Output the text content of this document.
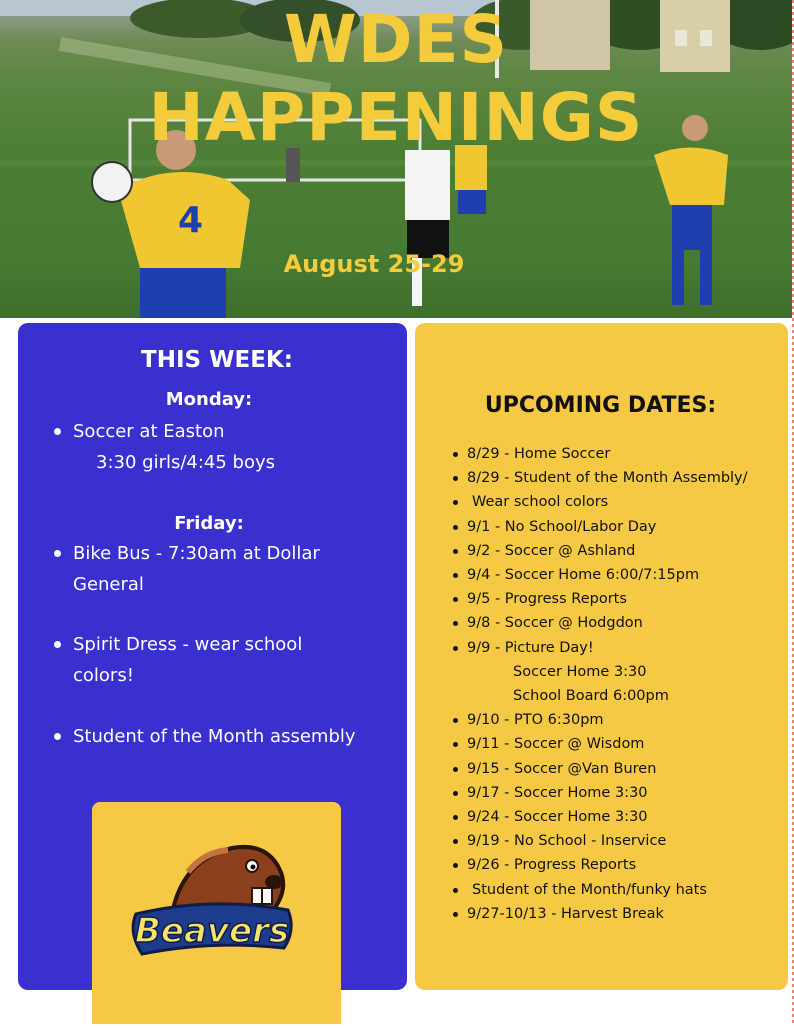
4
WDES
HAPPENINGS
August 25-29
THIS WEEK:
Monday:
Soccer at Easton
3:30 girls/4:45 boys
Friday:
Bike Bus - 7:30am at Dollar
General
Spirit Dress - wear school
colors!
Student of the Month assembly
Beavers
UPCOMING DATES:
8/29 - Home Soccer
8/29 - Student of the Month Assembly/
Wear school colors
9/1 - No School/Labor Day
9/2 - Soccer @ Ashland
9/4 - Soccer Home 6:00/7:15pm
9/5 - Progress Reports
9/8 - Soccer @ Hodgdon
9/9 - Picture Day!
Soccer Home 3:30
School Board 6:00pm
9/10 - PTO 6:30pm
9/11 - Soccer @ Wisdom
9/15 - Soccer @Van Buren
9/17 - Soccer Home 3:30
9/24 - Soccer Home 3:30
9/19 - No School - Inservice
9/26 - Progress Reports
Student of the Month/funky hats
9/27-10/13 - Harvest Break
